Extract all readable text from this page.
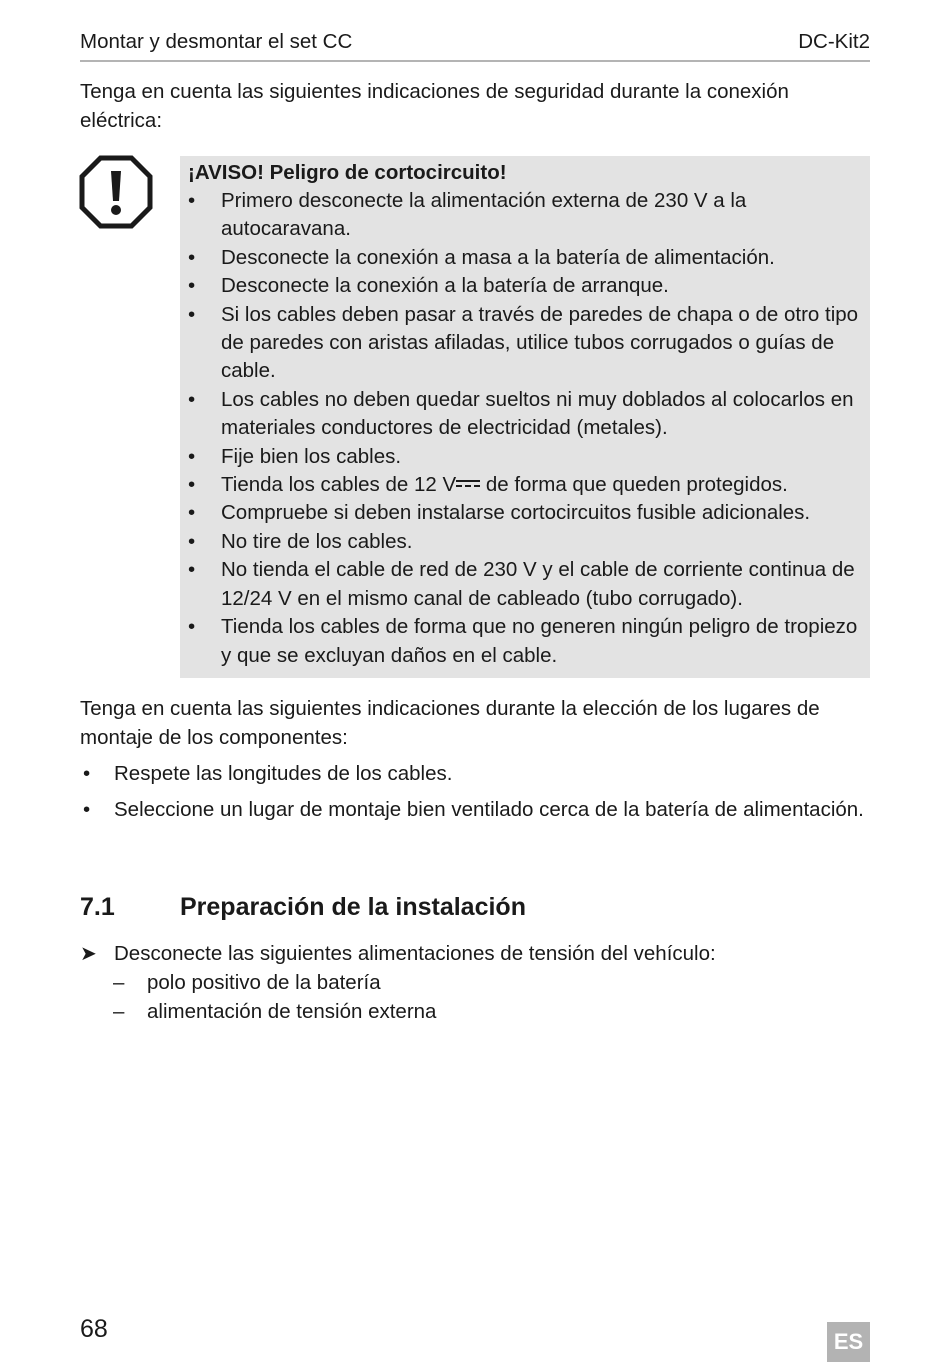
Montar y desmontar el set CC	DC-Kit2

Tenga en cuenta las siguientes indicaciones de seguridad durante la conexión eléctrica:

¡AVISO! Peligro de cortocircuito!
• Primero desconecte la alimentación externa de 230 V a la autocaravana.
• Desconecte la conexión a masa a la batería de alimentación.
• Desconecte la conexión a la batería de arranque.
• Si los cables deben pasar a través de paredes de chapa o de otro tipo de paredes con aristas afiladas, utilice tubos corrugados o guías de cable.
• Los cables no deben quedar sueltos ni muy doblados al colocarlos en materiales conductores de electricidad (metales).
• Fije bien los cables.
• Tienda los cables de 12 V de forma que queden protegidos.
• Compruebe si deben instalarse cortocircuitos fusible adicionales.
• No tire de los cables.
• No tienda el cable de red de 230 V y el cable de corriente continua de 12/24 V en el mismo canal de cableado (tubo corrugado).
• Tienda los cables de forma que no generen ningún peligro de tropiezo y que se excluyan daños en el cable.

Tenga en cuenta las siguientes indicaciones durante la elección de los lugares de montaje de los componentes:

• Respete las longitudes de los cables.
• Seleccione un lugar de montaje bien ventilado cerca de la batería de alimentación.
7.1	Preparación de la instalación
➤ Desconecte las siguientes alimentaciones de tensión del vehículo:
– polo positivo de la batería
– alimentación de tensión externa
68	ES
